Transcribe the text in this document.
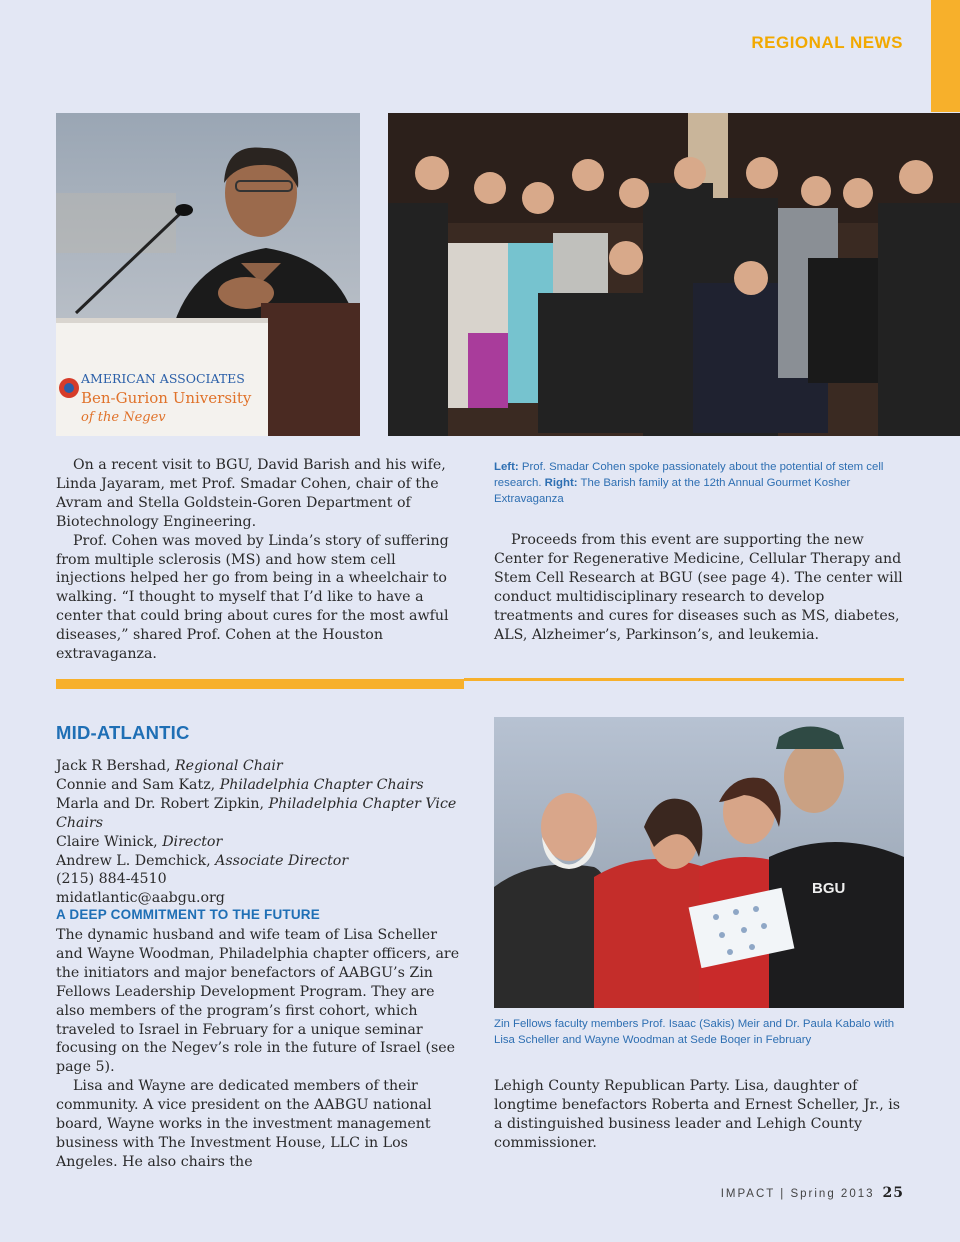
REGIONAL NEWS
AMERICAN ASSOCIATES
Ben-Gurion University
of the Negev

On a recent visit to BGU, David Barish and his wife, Linda Jayaram, met Prof. Smadar Cohen, chair of the Avram and Stella Goldstein-Goren Department of Biotechnology Engineering.

Prof. Cohen was moved by Linda’s story of suffering from multiple sclerosis (MS) and how stem cell injections helped her go from being in a wheelchair to walking. “I thought to myself that I’d like to have a center that could bring about cures for the most awful diseases,” shared Prof. Cohen at the Houston extravaganza.

Left: Prof. Smadar Cohen spoke passionately about the potential of stem cell research. Right: The Barish family at the 12th Annual Gourmet Kosher Extravaganza

Proceeds from this event are supporting the new Center for Regenerative Medicine, Cellular Therapy and Stem Cell Research at BGU (see page 4). The center will conduct multidisciplinary research to develop treatments and cures for diseases such as MS, diabetes, ALS, Alzheimer’s, Parkinson’s, and leukemia.

MID-ATLANTIC
Jack R Bershad, Regional Chair
Connie and Sam Katz, Philadelphia Chapter Chairs
Marla and Dr. Robert Zipkin, Philadelphia Chapter Vice Chairs
Claire Winick, Director
Andrew L. Demchick, Associate Director
(215) 884-4510
midatlantic@aabgu.org
A DEEP COMMITMENT TO THE FUTURE

The dynamic husband and wife team of Lisa Scheller and Wayne Woodman, Philadelphia chapter officers, are the initiators and major benefactors of AABGU’s Zin Fellows Leadership Development Program. They are also members of the program’s first cohort, which traveled to Israel in February for a unique seminar focusing on the Negev’s role in the future of Israel (see page 5).

Lisa and Wayne are dedicated members of their community. A vice president on the AABGU national board, Wayne works in the investment management business with The Investment House, LLC in Los Angeles. He also chairs the

BGU
Zin Fellows faculty members Prof. Isaac (Sakis) Meir and Dr. Paula Kabalo with Lisa Scheller and Wayne Woodman at Sede Boqer in February

Lehigh County Republican Party. Lisa, daughter of longtime benefactors Roberta and Ernest Scheller, Jr., is a distinguished business leader and Lehigh County commissioner.

IMPACT | Spring 2013 25
